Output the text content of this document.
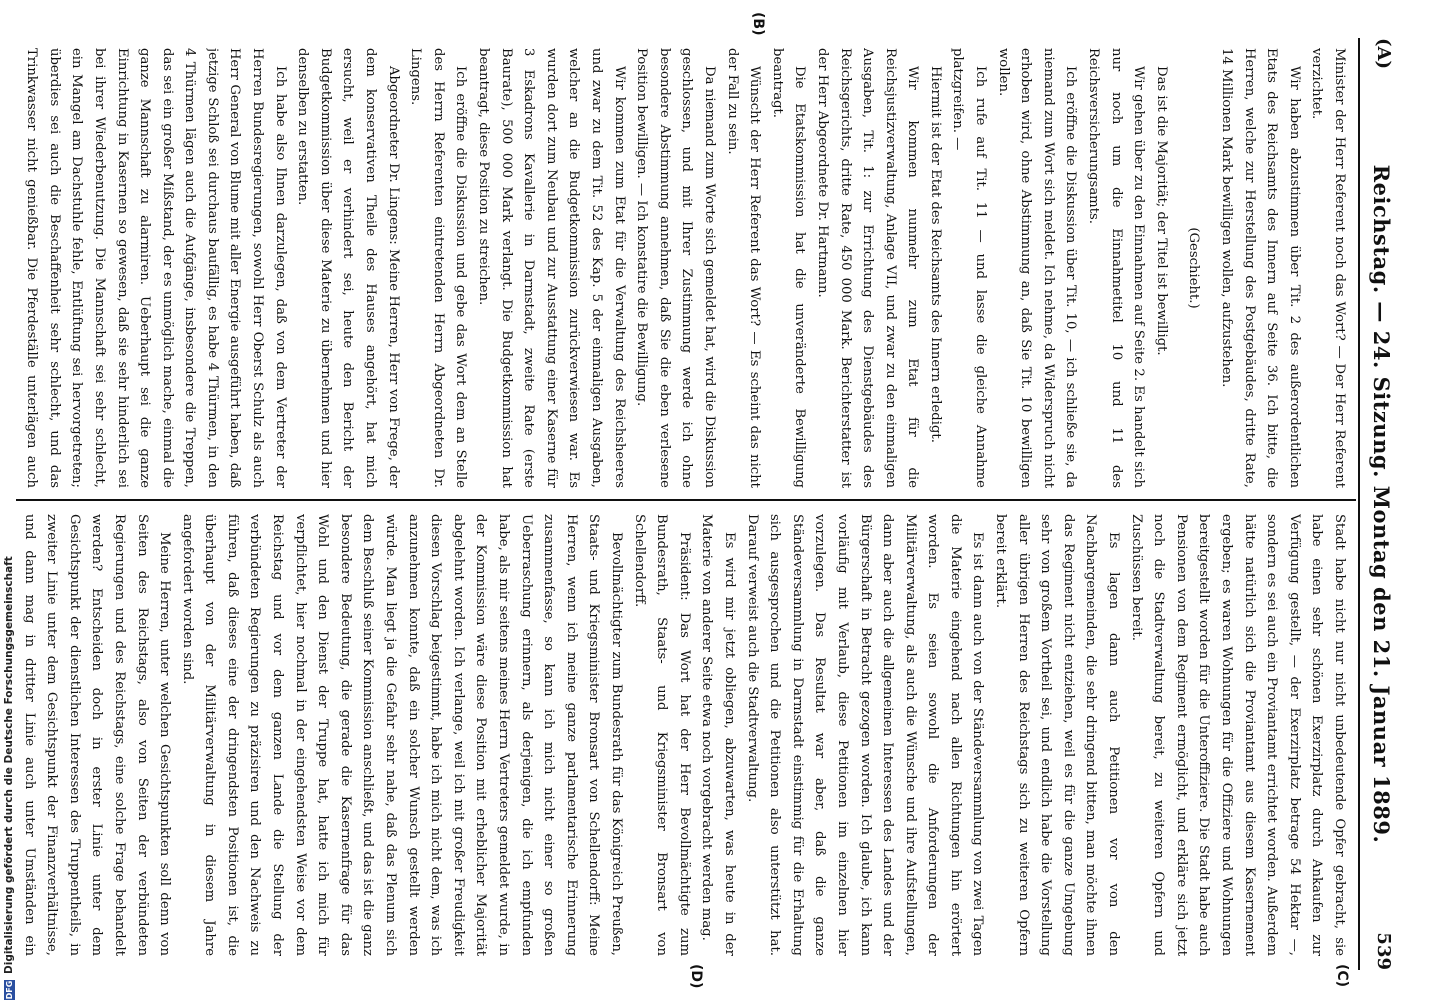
(A)
Reichstag. — 24. Sitzung. Montag den 21. Januar 1889.
539
(B)
(C)
(D)

Minister der Herr Referent noch das Wort? — Der Herr Referent verzichtet.

Wir haben abzustimmen über Tit. 2 des außerordentlichen Etats des Reichsamts des Innern auf Seite 36. Ich bitte, die Herren, welche zur Herstellung des Postgebäudes, dritte Rate, 14 Millionen Mark bewilligen wollen, aufzustehen.

(Geschieht.)

Das ist die Majorität; der Titel ist bewilligt.

Wir gehen über zu den Einnahmen auf Seite 2. Es handelt sich nur noch um die Einnahmetitel 10 und 11 des Reichsversicherungsamts.

Ich eröffne die Diskussion über Tit. 10, — ich schließe sie, da niemand zum Wort sich meldet. Ich nehme, da Widerspruch nicht erhoben wird, ohne Abstimmung an, daß Sie Tit. 10 bewilligen wollen.

Ich rufe auf Tit. 11 — und lasse die gleiche Annahme platzgreifen. —

Hiermit ist der Etat des Reichsamts des Innern erledigt.

Wir kommen nunmehr zum Etat für die Reichsjustizverwaltung, Anlage VII, und zwar zu den einmaligen Ausgaben, Tit. 1: zur Errichtung des Dienstgebäudes des Reichsgerichts, dritte Rate, 450 000 Mark. Berichterstatter ist der Herr Abgeordnete Dr. Hartmann.

Die Etatskommission hat die unveränderte Bewilligung beantragt.

Wünscht der Herr Referent das Wort? — Es scheint das nicht der Fall zu sein.

Da niemand zum Worte sich gemeldet hat, wird die Diskussion geschlossen, und mit Ihrer Zustimmung werde ich ohne besondere Abstimmung annehmen, daß Sie die eben verlesene Position bewilligen. — Ich konstatire die Bewilligung.

Wir kommen zum Etat für die Verwaltung des Reichsheeres und zwar zu dem Tit. 52 des Kap. 5 der einmaligen Ausgaben, welcher an die Budgetkommission zurückverwiesen war. Es wurden dort zum Neubau und zur Ausstattung einer Kaserne für 3 Eskadrons Kavallerie in Darmstadt, zweite Rate (erste Baurate), 500 000 Mark verlangt. Die Budgetkommission hat beantragt, diese Position zu streichen.

Ich eröffne die Diskussion und gebe das Wort dem an Stelle des Herrn Referenten eintretenden Herrn Abgeordneten Dr. Lingens.

Abgeordneter Dr. Lingens: Meine Herren, Herr von Frege, der dem konservativen Theile des Hauses angehört, hat mich ersucht, weil er verhindert sei, heute den Bericht der Budgetkommission über diese Materie zu übernehmen und hier denselben zu erstatten.

Ich habe also Ihnen darzulegen, daß von dem Vertreter der Herren Bundesregierungen, sowohl Herr Oberst Schulz als auch Herr General von Blume mit aller Energie ausgeführt haben, daß jetzige Schloß sei durchaus baufällig, es habe 4 Thürmen, in den 4 Thürmen lägen auch die Aufgänge, insbesondere die Treppen, das sei ein großer Mißstand, der es unmöglich mache, einmal die ganze Mannschaft zu alarmiren. Ueberhaupt sei die ganze Einrichtung in Kasernen so gewesen, daß sie sehr hinderlich sei bei ihrer Wiederbenutzung. Die Mannschaft sei sehr schlecht, ein Mangel am Dachstuhle fehle, Entlüftung sei hervorgetreten; überdies sei auch die Beschaffenheit sehr schlecht, und das Trinkwasser nicht genießbar. Die Pferdeställe unterlägen auch

Stadt habe nicht nur nicht unbedeutende Opfer gebracht, sie habe einen sehr schönen Exerzirplatz durch Ankaufen zur Verfügung gestellt, — der Exerzirplatz betrage 54 Hektar —, sondern es sei auch ein Proviantamt errichtet worden. Außerdem hätte natürlich sich die Proviantamt aus diesem Kasernement ergeben; es waren Wohnungen für die Offiziere und Wohnungen bereitgestellt worden für die Unteroffiziere. Die Stadt habe auch Pensionen von dem Regiment ermöglicht, und erkläre sich jetzt noch die Stadtverwaltung bereit, zu weiteren Opfern und Zuschüssen bereit.

Es lagen dann auch Petitionen vor von den Nachbargemeinden, die sehr dringend bitten, man möchte ihnen das Regiment nicht entziehen, weil es für die ganze Umgebung sehr von großem Vortheil sei, und endlich habe die Vorstellung aller übrigen Herren des Reichstags sich zu weiteren Opfern bereit erklärt.

Es ist dann auch von der Ständeversammlung von zwei Tagen die Materie eingehend nach allen Richtungen hin erörtert worden. Es seien sowohl die Anforderungen der Militärverwaltung, als auch die Wünsche und ihre Aufstellungen, dann aber auch die allgemeinen Interessen des Landes und der Bürgerschaft in Betracht gezogen worden. Ich glaube, ich kann vorläufig mit Verlaub, diese Petitionen im einzelnen hier vorzulegen. Das Resultat war aber, daß die ganze Ständeversammlung in Darmstadt einstimmig für die Erhaltung sich ausgesprochen und die Petitionen also unterstützt hat. Darauf verweist auch die Stadtverwaltung.

Es wird mir jetzt obliegen, abzuwarten, was heute in der Materie von anderer Seite etwa noch vorgebracht werden mag.

Präsident: Das Wort hat der Herr Bevollmächtigte zum Bundesrath, Staats- und Kriegsminister Bronsart von Schellendorff.

Bevollmächtigter zum Bundesrath für das Königreich Preußen, Staats- und Kriegsminister Bronsart von Schellendorff: Meine Herren, wenn ich meine ganze parlamentarische Erinnerung zusammenfasse, so kann ich mich nicht einer so großen Ueberraschung erinnern, als derjenigen, die ich empfunden habe, als mir seitens meines Herrn Vertreters gemeldet wurde, in der Kommission wäre diese Position mit erheblicher Majorität abgelehnt worden. Ich verlange, weil ich mit großer Freudigkeit diesen Vorschlag beigestimmt, habe ich mich nicht dem, was ich anzunehmen konnte, daß ein solcher Wunsch gestellt werden würde. Man liegt ja die Gefahr sehr nahe, daß das Plenum sich dem Beschluß seiner Kommission anschließt, und das ist die ganz besondere Bedeutung, die gerade die Kasernenfrage für das Wohl und den Dienst der Truppe hat, hatte ich mich für verpflichtet, hier nochmal in der eingehendsten Weise vor dem Reichstag und vor dem ganzen Lande die Stellung der verbündeten Regierungen zu präzisiren und den Nachweis zu führen, daß dieses eine der dringendsten Positionen ist, die überhaupt von der Militärverwaltung in diesem Jahre angefordert worden sind.

Meine Herren, unter welchen Gesichtspunkten soll denn von Seiten des Reichstags, also von Seiten der verbündeten Regierungen und des Reichstags, eine solche Frage behandelt werden? Entscheiden doch in erster Linie unter dem Gesichtspunkt der dienstlichen Interessen des Truppentheils, in zweiter Linie unter dem Gesichtspunkt der Finanzverhältnisse, und dann mag in dritter Linie auch unter Umständen ein

DFGDigitalisierung gefördert durch die Deutsche Forschungsgemeinschaft
